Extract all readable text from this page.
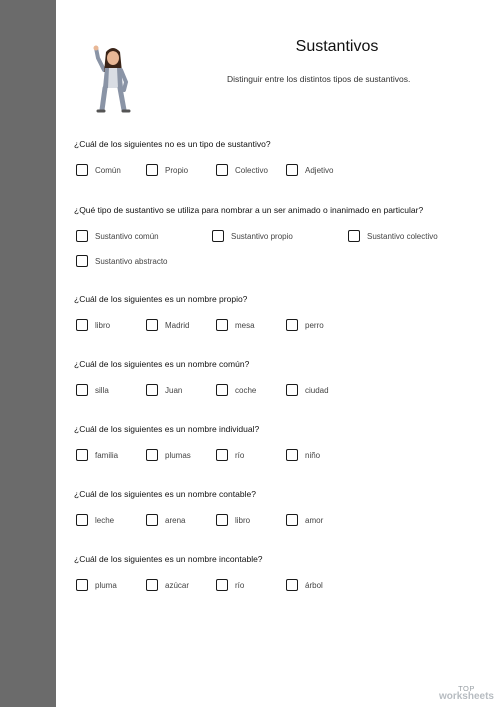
Sustantivos
Distinguir entre los distintos tipos de sustantivos.
¿Cuál de los siguientes no es un tipo de sustantivo?
Común	Propio	Colectivo	Adjetivo
¿Qué tipo de sustantivo se utiliza para nombrar a un ser animado o inanimado en particular?
Sustantivo común	Sustantivo propio	Sustantivo colectivo
Sustantivo abstracto
¿Cuál de los siguientes es un nombre propio?
libro	Madrid	mesa	perro
¿Cuál de los siguientes es un nombre común?
silla	Juan	coche	ciudad
¿Cuál de los siguientes es un nombre individual?
familia	plumas	río	niño
¿Cuál de los siguientes es un nombre contable?
leche	arena	libro	amor
¿Cuál de los siguientes es un nombre incontable?
pluma	azúcar	río	árbol
TOP
worksheets
